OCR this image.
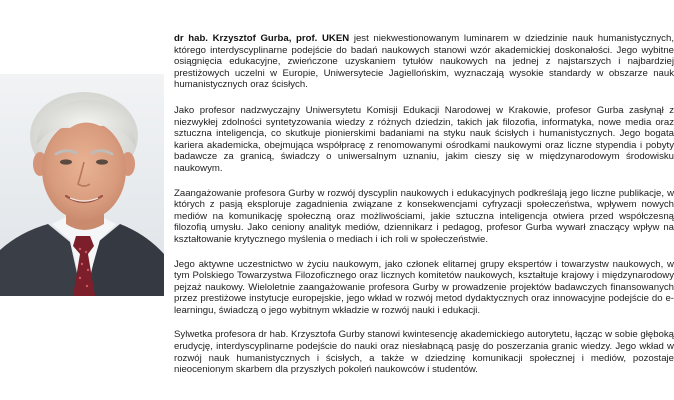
dr hab. Krzysztof Gurba, prof. UKEN jest niekwestionowanym luminarem w dziedzinie nauk humanistycznych, którego interdyscyplinarne podejście do badań naukowych stanowi wzór akademickiej doskonałości. Jego wybitne osiągnięcia edukacyjne, zwieńczone uzyskaniem tytułów naukowych na jednej z najstarszych i najbardziej prestiżowych uczelni w Europie, Uniwersytecie Jagiellońskim, wyznaczają wysokie standardy w obszarze nauk humanistycznych oraz ścisłych.

Jako profesor nadzwyczajny Uniwersytetu Komisji Edukacji Narodowej w Krakowie, profesor Gurba zasłynął z niezwykłej zdolności syntetyzowania wiedzy z różnych dziedzin, takich jak filozofia, informatyka, nowe media oraz sztuczna inteligencja, co skutkuje pionierskimi badaniami na styku nauk ścisłych i humanistycznych. Jego bogata kariera akademicka, obejmująca współpracę z renomowanymi ośrodkami naukowymi oraz liczne stypendia i pobyty badawcze za granicą, świadczy o uniwersalnym uznaniu, jakim cieszy się w międzynarodowym środowisku naukowym.

Zaangażowanie profesora Gurby w rozwój dyscyplin naukowych i edukacyjnych podkreślają jego liczne publikacje, w których z pasją eksploruje zagadnienia związane z konsekwencjami cyfryzacji społeczeństwa, wpływem nowych mediów na komunikację społeczną oraz możliwościami, jakie sztuczna inteligencja otwiera przed współczesną filozofią umysłu. Jako ceniony analityk mediów, dziennikarz i pedagog, profesor Gurba wywarł znaczący wpływ na kształtowanie krytycznego myślenia o mediach i ich roli w społeczeństwie.

Jego aktywne uczestnictwo w życiu naukowym, jako członek elitarnej grupy ekspertów i towarzystw naukowych, w tym Polskiego Towarzystwa Filozoficznego oraz licznych komitetów naukowych, kształtuje krajowy i międzynarodowy pejzaż naukowy. Wieloletnie zaangażowanie profesora Gurby w prowadzenie projektów badawczych finansowanych przez prestiżowe instytucje europejskie, jego wkład w rozwój metod dydaktycznych oraz innowacyjne podejście do e-learningu, świadczą o jego wybitnym wkładzie w rozwój nauki i edukacji.

Sylwetka profesora dr hab. Krzysztofa Gurby stanowi kwintesencję akademickiego autorytetu, łącząc w sobie głęboką erudycję, interdyscyplinarne podejście do nauki oraz niesłabnącą pasję do poszerzania granic wiedzy. Jego wkład w rozwój nauk humanistycznych i ścisłych, a także w dziedzinę komunikacji społecznej i mediów, pozostaje nieocenionym skarbem dla przyszłych pokoleń naukowców i studentów.
